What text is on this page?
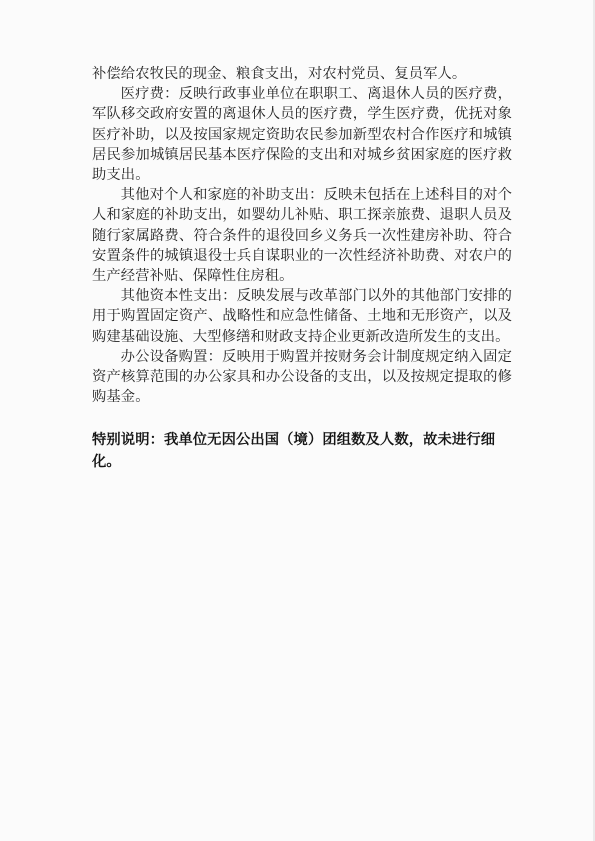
补偿给农牧民的现金、粮食支出，对农村党员、复员军人。

医疗费：反映行政事业单位在职职工、离退休人员的医疗费，军队移交政府安置的离退休人员的医疗费，学生医疗费，优抚对象医疗补助，以及按国家规定资助农民参加新型农村合作医疗和城镇居民参加城镇居民基本医疗保险的支出和对城乡贫困家庭的医疗救助支出。

其他对个人和家庭的补助支出：反映未包括在上述科目的对个人和家庭的补助支出，如婴幼儿补贴、职工探亲旅费、退职人员及随行家属路费、符合条件的退役回乡义务兵一次性建房补助、符合安置条件的城镇退役士兵自谋职业的一次性经济补助费、对农户的生产经营补贴、保障性住房租。

其他资本性支出：反映发展与改革部门以外的其他部门安排的用于购置固定资产、战略性和应急性储备、土地和无形资产，以及购建基础设施、大型修缮和财政支持企业更新改造所发生的支出。

办公设备购置：反映用于购置并按财务会计制度规定纳入固定资产核算范围的办公家具和办公设备的支出，以及按规定提取的修购基金。

特别说明：我单位无因公出国（境）团组数及人数，故未进行细化。
